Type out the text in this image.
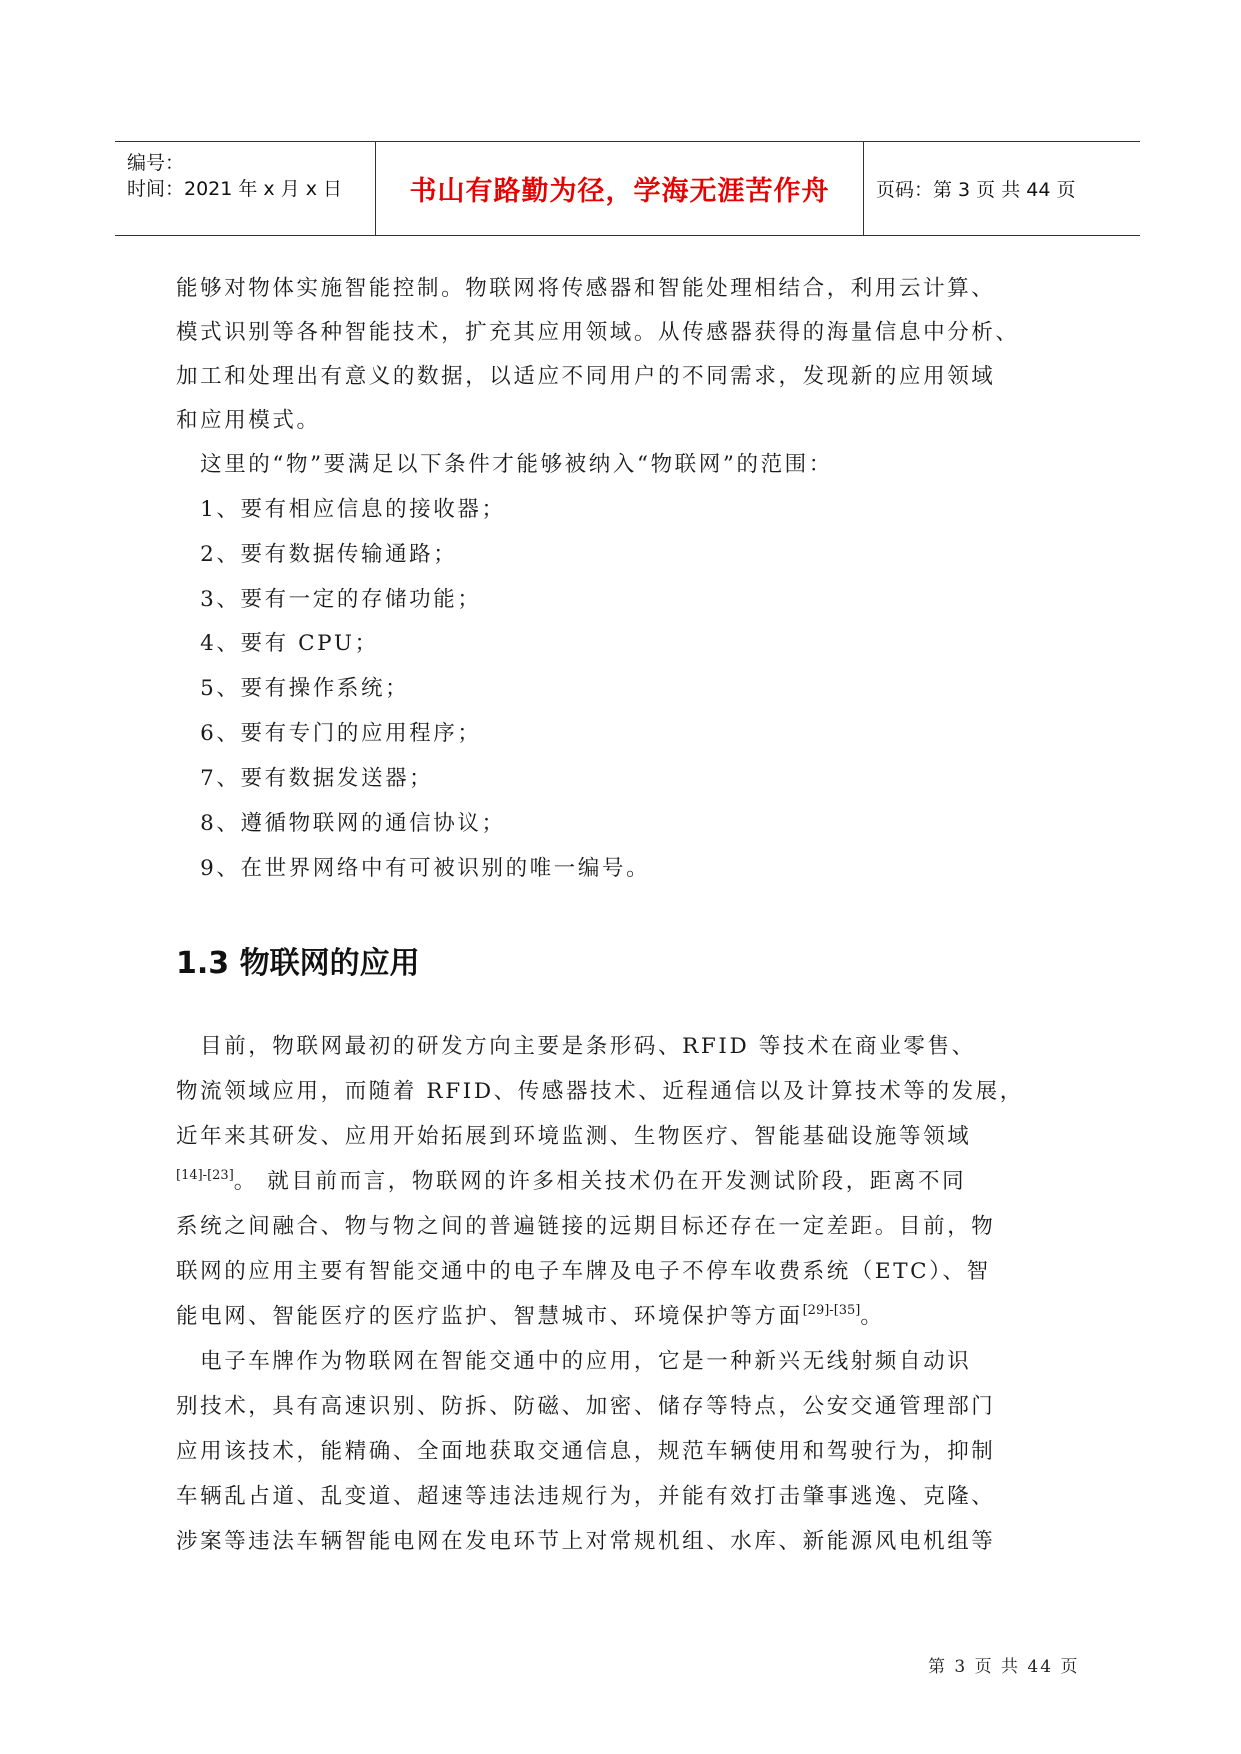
编号：
时间：2021 年 x 月 x 日	书山有路勤为径，学海无涯苦作舟	页码：第 3 页 共 44 页
能够对物体实施智能控制。物联网将传感器和智能处理相结合，利用云计算、
模式识别等各种智能技术，扩充其应用领域。从传感器获得的海量信息中分析、
加工和处理出有意义的数据，以适应不同用户的不同需求，发现新的应用领域
和应用模式。
　这里的“物”要满足以下条件才能够被纳入“物联网”的范围：
　1、要有相应信息的接收器；
　2、要有数据传输通路；
　3、要有一定的存储功能；
　4、要有 CPU；
　5、要有操作系统；
　6、要有专门的应用程序；
　7、要有数据发送器；
　8、遵循物联网的通信协议；
　9、在世界网络中有可被识别的唯一编号。
1.3 物联网的应用
　目前，物联网最初的研发方向主要是条形码、RFID 等技术在商业零售、
物流领域应用，而随着 RFID、传感器技术、近程通信以及计算技术等的发展，
近年来其研发、应用开始拓展到环境监测、生物医疗、智能基础设施等领域
[14]-[23]。 就目前而言，物联网的许多相关技术仍在开发测试阶段，距离不同
系统之间融合、物与物之间的普遍链接的远期目标还存在一定差距。目前，物
联网的应用主要有智能交通中的电子车牌及电子不停车收费系统（ETC）、智
能电网、智能医疗的医疗监护、智慧城市、环境保护等方面[29]-[35]。
　电子车牌作为物联网在智能交通中的应用，它是一种新兴无线射频自动识
别技术，具有高速识别、防拆、防磁、加密、储存等特点，公安交通管理部门
应用该技术，能精确、全面地获取交通信息，规范车辆使用和驾驶行为，抑制
车辆乱占道、乱变道、超速等违法违规行为，并能有效打击肇事逃逸、克隆、
涉案等违法车辆智能电网在发电环节上对常规机组、水库、新能源风电机组等
第 3 页 共 44 页
